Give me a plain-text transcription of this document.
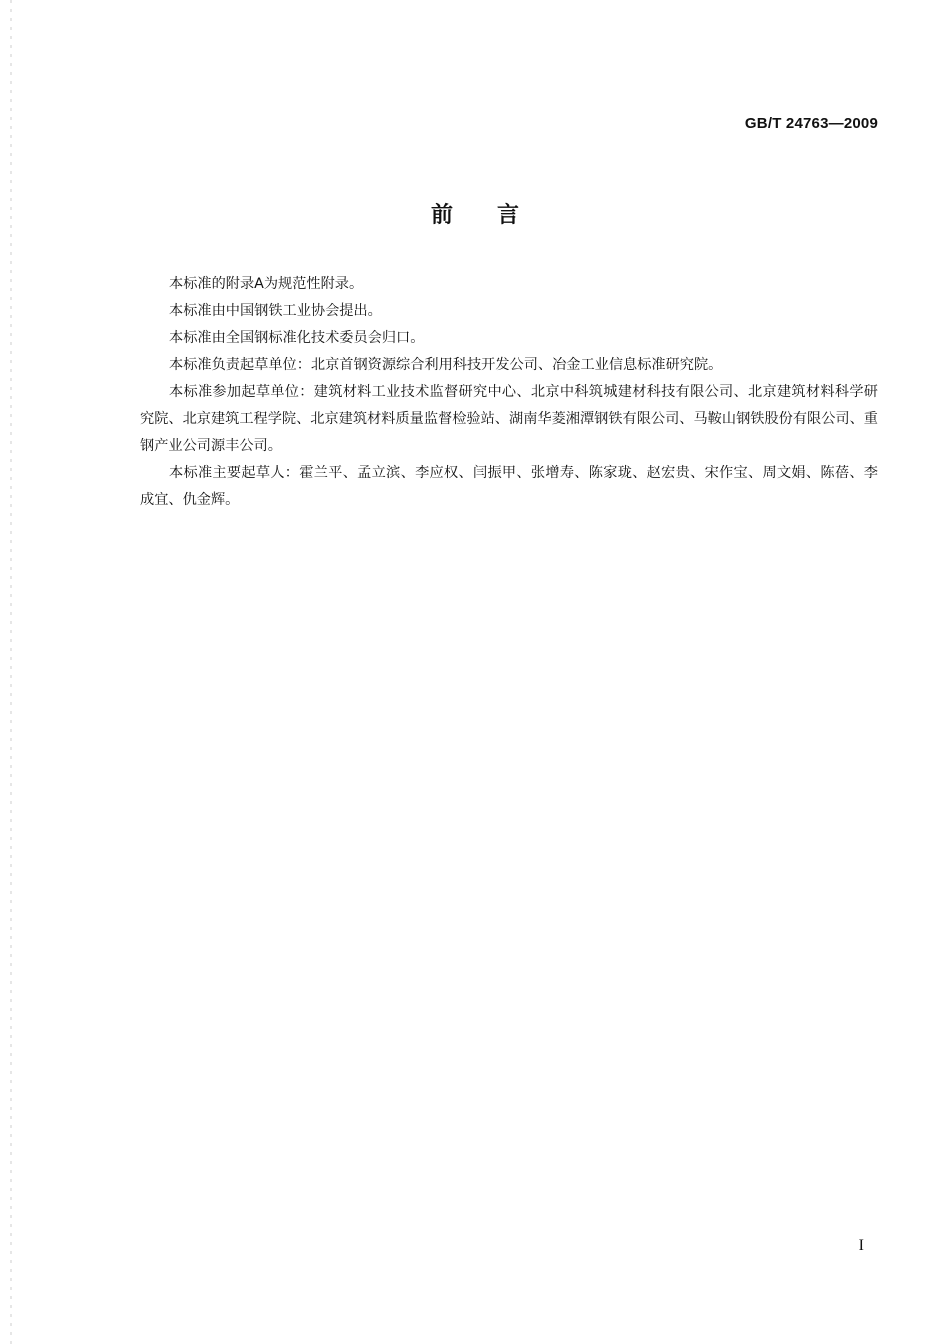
GB/T 24763—2009
前言

本标准的附录A为规范性附录。

本标准由中国钢铁工业协会提出。

本标准由全国钢标准化技术委员会归口。

本标准负责起草单位：北京首钢资源综合利用科技开发公司、冶金工业信息标准研究院。

本标准参加起草单位：建筑材料工业技术监督研究中心、北京中科筑城建材科技有限公司、北京建筑材料科学研究院、北京建筑工程学院、北京建筑材料质量监督检验站、湖南华菱湘潭钢铁有限公司、马鞍山钢铁股份有限公司、重钢产业公司源丰公司。

本标准主要起草人：霍兰平、孟立滨、李应权、闫振甲、张增寿、陈家珑、赵宏贵、宋作宝、周文娟、陈蓓、李成宜、仇金辉。

I
